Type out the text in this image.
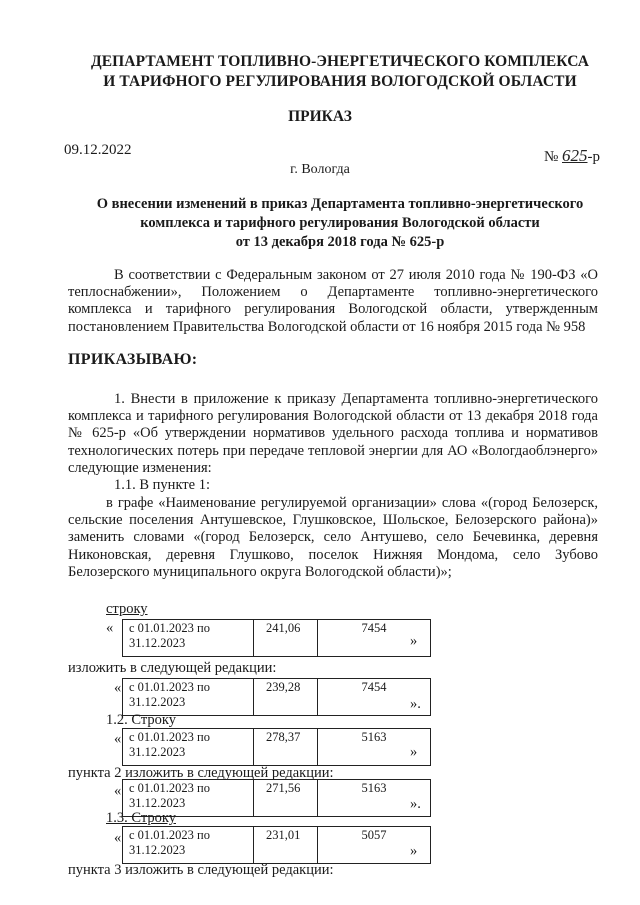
ДЕПАРТАМЕНТ ТОПЛИВНО-ЭНЕРГЕТИЧЕСКОГО КОМПЛЕКСА
И ТАРИФНОГО РЕГУЛИРОВАНИЯ ВОЛОГОДСКОЙ ОБЛАСТИ
ПРИКАЗ
09.12.2022	№ 625-р
г. Вологда
О внесении изменений в приказ Департамента топливно-энергетического
комплекса и тарифного регулирования Вологодской области
от 13 декабря 2018 года № 625-р
В соответствии с Федеральным законом от 27 июля 2010 года № 190-ФЗ «О теплоснабжении», Положением о Департаменте топливно-энергетического комплекса и тарифного регулирования Вологодской области, утвержденным постановлением Правительства Вологодской области от 16 ноября 2015 года № 958
ПРИКАЗЫВАЮ:
1. Внести в приложение к приказу Департамента топливно-энергетического комплекса и тарифного регулирования Вологодской области от 13 декабря 2018 года № 625-р «Об утверждении нормативов удельного расхода топлива и нормативов технологических потерь при передаче тепловой энергии для АО «Вологдаоблэнерго» следующие изменения:
1.1. В пункте 1:
в графе «Наименование регулируемой организации» слова «(город Белозерск, сельские поселения Антушевское, Глушковское, Шольское, Белозерского района)» заменить словами «(город Белозерск, село Антушево, село Бечевинка, деревня Никоновская, деревня Глушково, поселок Нижняя Мондома, село Зубово Белозерского муниципального округа Вологодской области)»;
строку
« с 01.01.2023 по
31.12.2023
	241,06	7454
»
изложить в следующей редакции:
« с 01.01.2023 по
31.12.2023
	239,28	7454
».
1.2. Строку
« с 01.01.2023 по
31.12.2023
	278,37	5163
»
пункта 2 изложить в следующей редакции:
« с 01.01.2023 по
31.12.2023
	271,56	5163
».
1.3. Строку
« с 01.01.2023 по
31.12.2023
	231,01	5057
»
пункта 3 изложить в следующей редакции:
